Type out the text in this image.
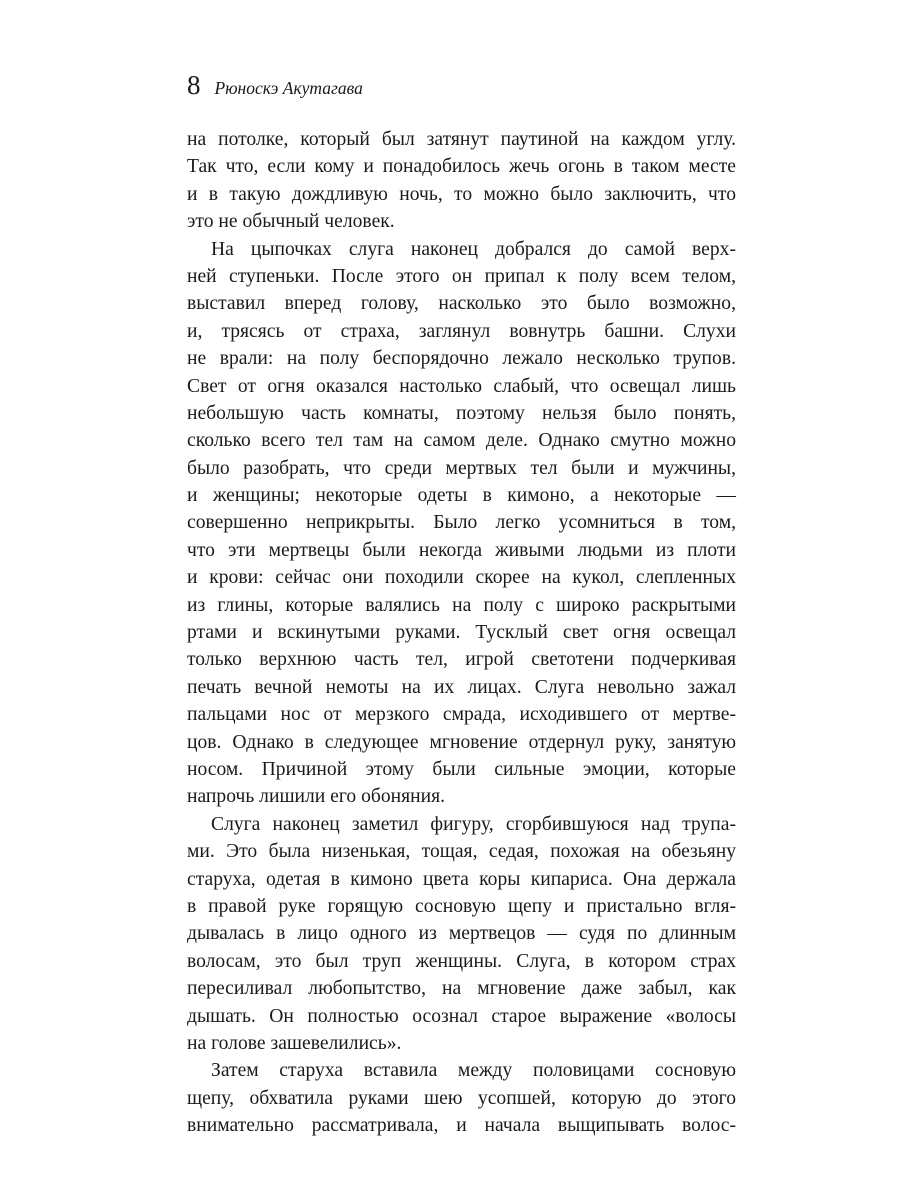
8 Рюноскэ Акутагава
на потолке, который был затянут паутиной на каждом углу.
Так что, если кому и понадобилось жечь огонь в таком месте
и в такую дождливую ночь, то можно было заключить, что
это не обычный человек.
На цыпочках слуга наконец добрался до самой верх-
ней ступеньки. После этого он припал к полу всем телом,
выставил вперед голову, насколько это было возможно,
и, трясясь от страха, заглянул вовнутрь башни. Слухи
не врали: на полу беспорядочно лежало несколько трупов.
Свет от огня оказался настолько слабый, что освещал лишь
небольшую часть комнаты, поэтому нельзя было понять,
сколько всего тел там на самом деле. Однако смутно можно
было разобрать, что среди мертвых тел были и мужчины,
и женщины; некоторые одеты в кимоно, а некоторые —
совершенно неприкрыты. Было легко усомниться в том,
что эти мертвецы были некогда живыми людьми из плоти
и крови: сейчас они походили скорее на кукол, слепленных
из глины, которые валялись на полу с широко раскрытыми
ртами и вскинутыми руками. Тусклый свет огня освещал
только верхнюю часть тел, игрой светотени подчеркивая
печать вечной немоты на их лицах. Слуга невольно зажал
пальцами нос от мерзкого смрада, исходившего от мертве-
цов. Однако в следующее мгновение отдернул руку, занятую
носом. Причиной этому были сильные эмоции, которые
напрочь лишили его обоняния.
Слуга наконец заметил фигуру, сгорбившуюся над трупа-
ми. Это была низенькая, тощая, седая, похожая на обезьяну
старуха, одетая в кимоно цвета коры кипариса. Она держала
в правой руке горящую сосновую щепу и пристально вгля-
дывалась в лицо одного из мертвецов — судя по длинным
волосам, это был труп женщины. Слуга, в котором страх
пересиливал любопытство, на мгновение даже забыл, как
дышать. Он полностью осознал старое выражение «волосы
на голове зашевелились».
Затем старуха вставила между половицами сосновую
щепу, обхватила руками шею усопшей, которую до этого
внимательно рассматривала, и начала выщипывать волос-
